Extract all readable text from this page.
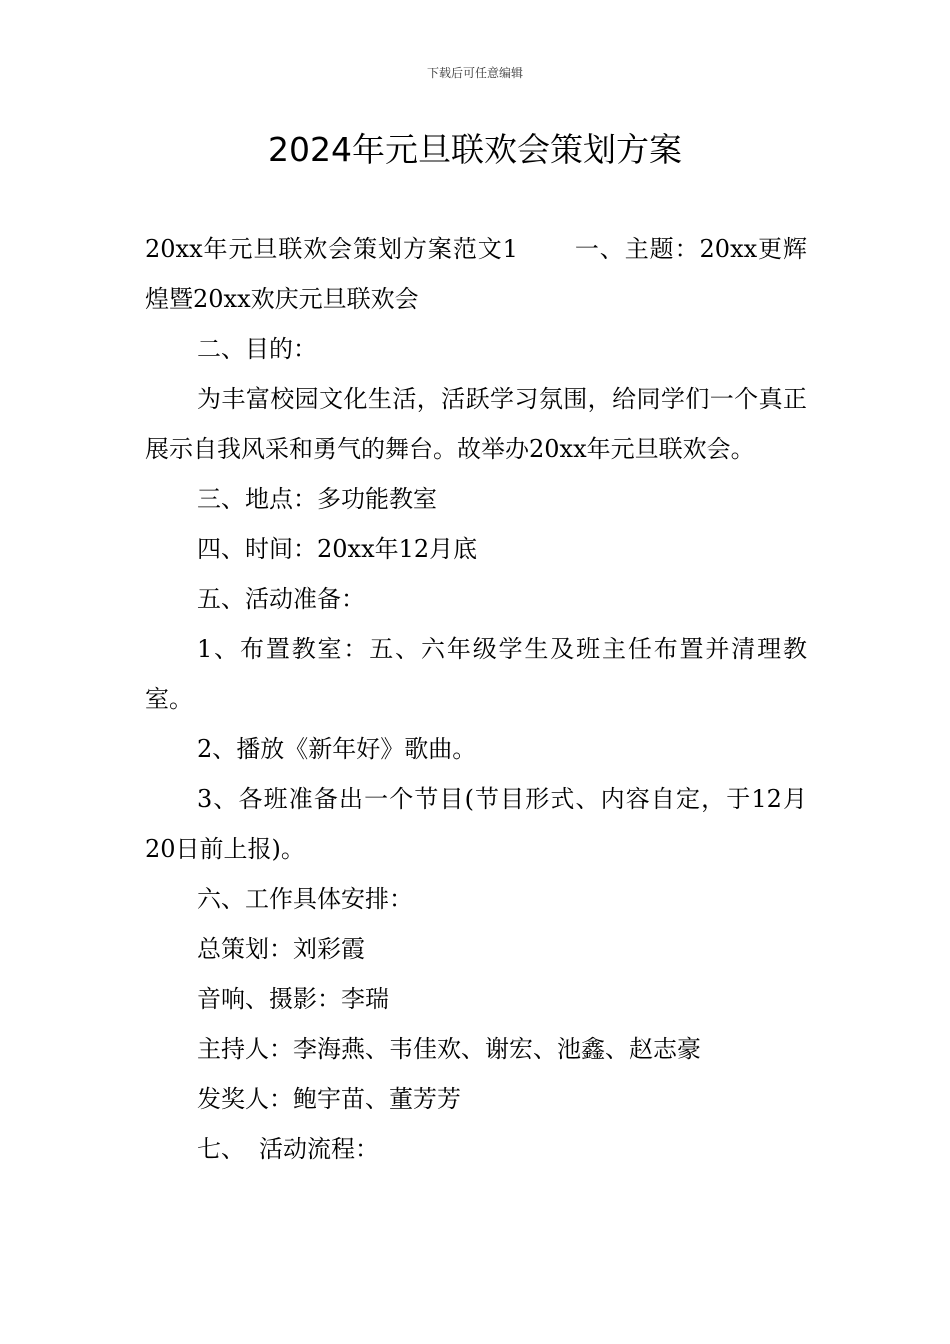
下载后可任意编辑
2024年元旦联欢会策划方案

20xx年元旦联欢会策划方案范文1 一、主题：20xx更辉煌暨20xx欢庆元旦联欢会

二、目的：

为丰富校园文化生活，活跃学习氛围，给同学们一个真正展示自我风采和勇气的舞台。故举办20xx年元旦联欢会。

三、地点：多功能教室

四、时间：20xx年12月底

五、活动准备：

1、布置教室：五、六年级学生及班主任布置并清理教室。

2、播放《新年好》歌曲。

3、各班准备出一个节目(节目形式、内容自定，于12月20日前上报)。

六、工作具体安排：

总策划：刘彩霞

音响、摄影：李瑞

主持人：李海燕、韦佳欢、谢宏、池鑫、赵志豪

发奖人：鲍宇苗、董芳芳

七、 活动流程：
